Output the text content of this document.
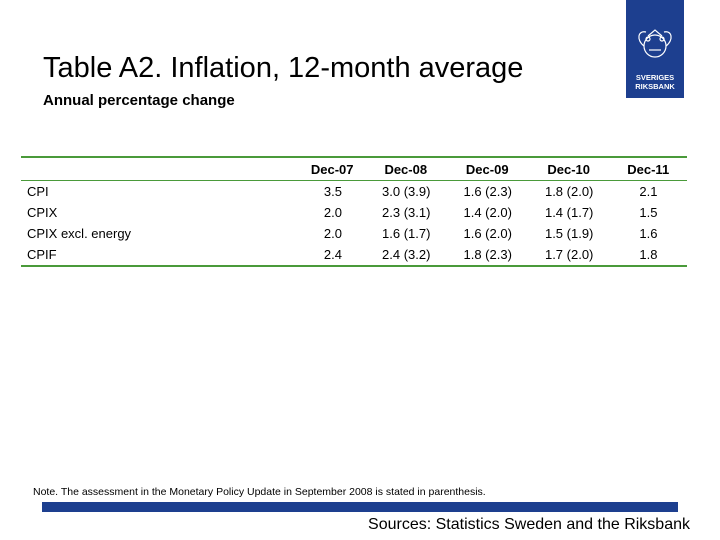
SVERIGES
RIKSBANK
Table A2. Inflation, 12-month average
Annual percentage change
	Dec-07	Dec-08	Dec-09	Dec-10	Dec-11
CPI	3.5	3.0 (3.9)	1.6 (2.3)	1.8 (2.0)	2.1
CPIX	2.0	2.3 (3.1)	1.4 (2.0)	1.4 (1.7)	1.5
CPIX excl. energy	2.0	1.6 (1.7)	1.6 (2.0)	1.5 (1.9)	1.6
CPIF	2.4	2.4 (3.2)	1.8 (2.3)	1.7 (2.0)	1.8
Note. The assessment in the Monetary Policy Update in September 2008 is stated in parenthesis.
Sources: Statistics Sweden and the Riksbank
